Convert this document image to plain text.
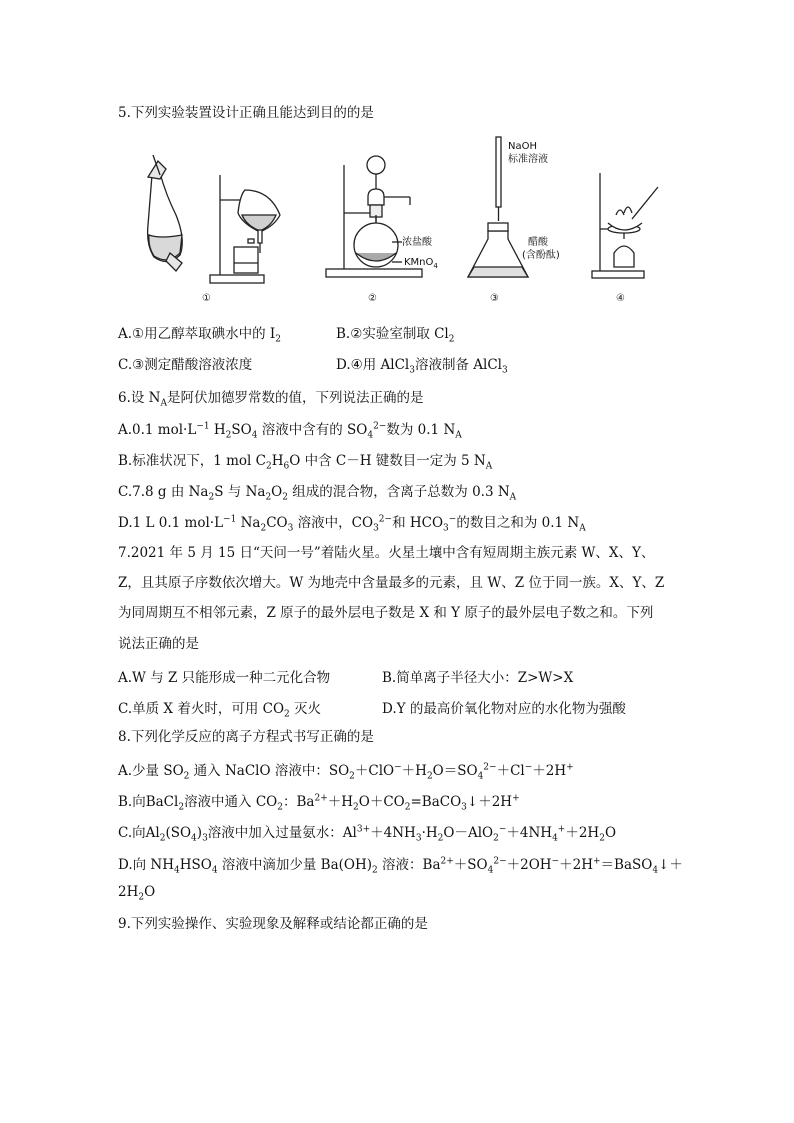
5.下列实验装置设计正确且能达到目的的是
①
浓盐酸
KMnO$_4$
②
NaOH
标准溶液
醋酸
(含酚酞)
③	④
A.①用乙醇萃取碘水中的 $I_2$	B.②实验室制取 $Cl_2$
C.③测定醋酸溶液浓度	D.④用 AlCl$_3$溶液制备 AlCl$_3$
6.设 $N_A$是阿伏加德罗常数的值，下列说法正确的是
A.0.1 $mol\cdot L^{-1}$ $H_2SO_4$ 溶液中含有的 $SO_4^{2-}$数为 0.1 $N_A$
B.标准状况下，1 mol $C_2H_6O$ 中含 C－H 键数目一定为 5 $N_A$
C.7.8 g 由 $Na_2S$ 与 $Na_2O_2$ 组成的混合物，含离子总数为 0.3 $N_A$
D.1 L 0.1 $mol\cdot L^{-1}$ $Na_2CO_3$ 溶液中，$CO_3^{2-}$和 $HCO_3^-$的数目之和为 0.1 $N_A$
7.2021 年 5 月 15 日“天问一号”着陆火星。火星土壤中含有短周期主族元素 W、X、Y、
Z，且其原子序数依次增大。W 为地壳中含量最多的元素，且 W、Z 位于同一族。X、Y、Z
为同周期互不相邻元素，Z 原子的最外层电子数是 X 和 Y 原子的最外层电子数之和。下列
说法正确的是
A.W 与 Z 只能形成一种二元化合物	B.简单离子半径大小：Z>W>X
C.单质 X 着火时，可用 $CO_2$ 灭火	D.Y 的最高价氧化物对应的水化物为强酸
8.下列化学反应的离子方程式书写正确的是
A.少量 $SO_2$ 通入 NaClO 溶液中：$SO_2+ClO^-+H_2O=SO_4^{2-}+Cl^-+2H^+$
B.向BaCl$_2$溶液中通入 $CO_2$：$Ba^{2+}+H_2O+CO_2=BaCO_3↓+2H^+$
C.向$Al_2(SO_4)_3$溶液中加入过量氨水：$Al^{3+}+4NH_3\cdot H_2O-AlO_2^-+4NH_4^++2H_2O$
D.向 $NH_4HSO_4$ 溶液中滴加少量 $Ba(OH)_2$ 溶液：$Ba^{2+}+SO_4^{2-}+2OH^-+2H^+=BaSO_4↓+$
$2H_2O$
9.下列实验操作、实验现象及解释或结论都正确的是
